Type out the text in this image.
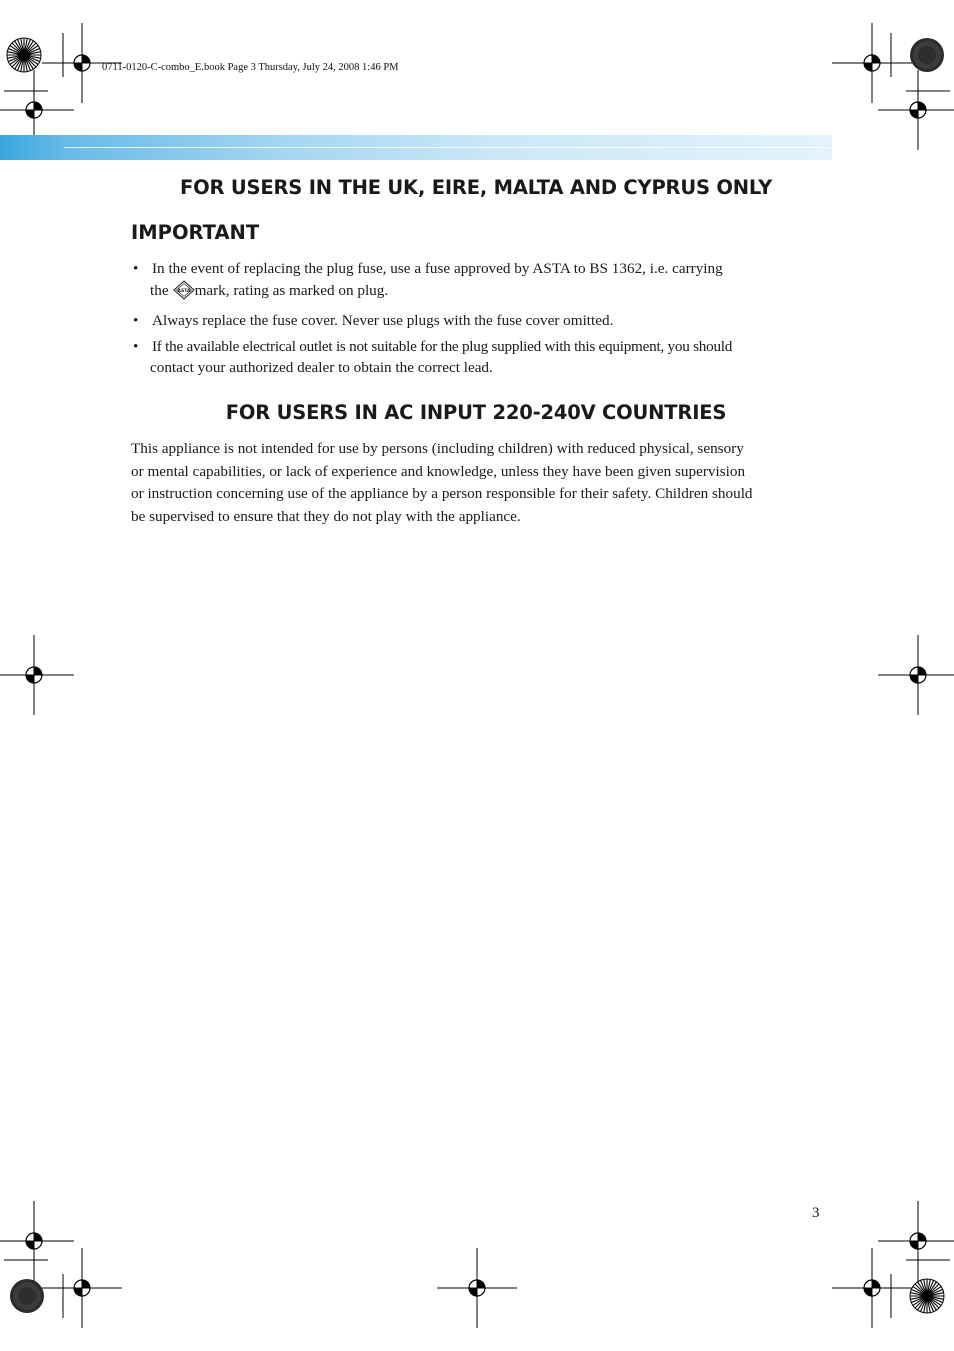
0711-0120-C-combo_E.book Page 3 Thursday, July 24, 2008 1:46 PM
FOR USERS IN THE UK, EIRE, MALTA AND CYPRUS ONLY
IMPORTANT
• In the event of replacing the plug fuse, use a fuse approved by ASTA to BS 1362, i.e. carrying
the ASTA mark, rating as marked on plug.
• Always replace the fuse cover. Never use plugs with the fuse cover omitted.
• If the available electrical outlet is not suitable for the plug supplied with this equipment, you should
contact your authorized dealer to obtain the correct lead.
FOR USERS IN AC INPUT 220-240V COUNTRIES

This appliance is not intended for use by persons (including children) with reduced physical, sensory
or mental capabilities, or lack of experience and knowledge, unless they have been given supervision
or instruction concerning use of the appliance by a person responsible for their safety. Children should
be supervised to ensure that they do not play with the appliance.

3
